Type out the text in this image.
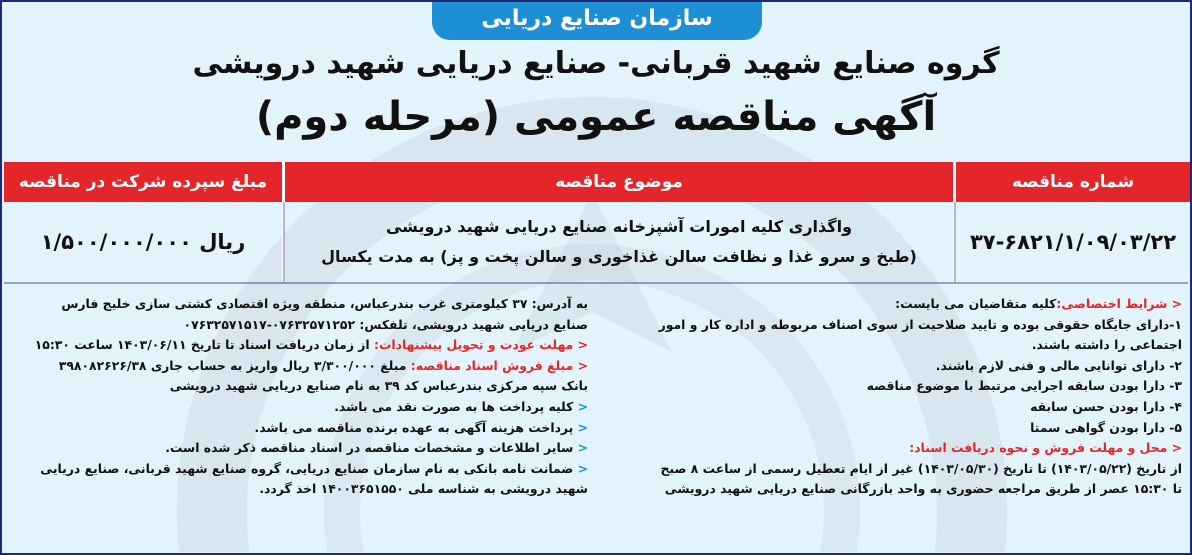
سازمان صنایع دریایی
گروه صنایع شهید قربانی- صنایع دریایی شهید درویشی
آگهی مناقصه عمومی (مرحله دوم)
مبلغ سپرده شرکت در مناقصه	موضوع مناقصه	شماره مناقصه
۱/۵۰۰/۰۰۰/۰۰۰ ریال
واگذاری کلیه امورات آشپزخانه صنایع دریایی شهید درویشی
(طبخ و سرو غذا و نظافت سالن غذاخوری و سالن پخت و پز) به مدت یکسال
۳۷-۶۸۲۱/۱/۰۹/۰۳/۲۲
< شرایط اختصاصی:کلیه متقاضیان می بایست:
۱-دارای جایگاه حقوقی بوده و تایید صلاحیت از سوی اصناف مربوطه و اداره کار و امور
اجتماعی را داشته باشند.
۲- دارای توانایی مالی و فنی لازم باشند.
۳- دارا بودن سابقه اجرایی مرتبط با موضوع مناقصه
۴- دارا بودن حسن سابقه
۵- دارا بودن گواهی سمتا
< محل و مهلت فروش و نحوه دریافت اسناد:
از تاریخ (۱۴۰۳/۰۵/۲۲) تا تاریخ (۱۴۰۳/۰۵/۳۰) غیر از ایام تعطیل رسمی از ساعت ۸ صبح
تا ۱۵:۳۰ عصر از طریق مراجعه حضوری به واحد بازرگانی صنایع دریایی شهید درویشی
به آدرس: ۳۷ کیلومتری غرب بندرعباس، منطقه ویژه اقتصادی کشتی سازی خلیج فارس
صنایع دریایی شهید درویشی، تلفکس: ۰۷۶۳۲۵۷۱۲۵۲-۰۷۶۳۲۵۷۱۵۱۷
< مهلت عودت و تحویل پیشنهادات: از زمان دریافت اسناد تا تاریخ ۱۴۰۳/۰۶/۱۱ ساعت ۱۵:۳۰
< مبلغ فروش اسناد مناقصه: مبلغ ۳/۳۰۰/۰۰۰ ریال واریز به حساب جاری ۳۹۸۰۸۲۶۲۶/۳۸
بانک سپه مرکزی بندرعباس کد ۳۹ به نام صنایع دریایی شهید درویشی
< کلیه پرداخت ها به صورت نقد می باشد.
< پرداخت هزینه آگهی به عهده برنده مناقصه می باشد.
< سایر اطلاعات و مشخصات مناقصه در اسناد مناقصه ذکر شده است.
< ضمانت نامه بانکی به نام سازمان صنایع دریایی، گروه صنایع شهید قربانی، صنایع دریایی
شهید درویشی به شناسه ملی ۱۴۰۰۳۶۵۱۵۵۰ اخذ گردد.
